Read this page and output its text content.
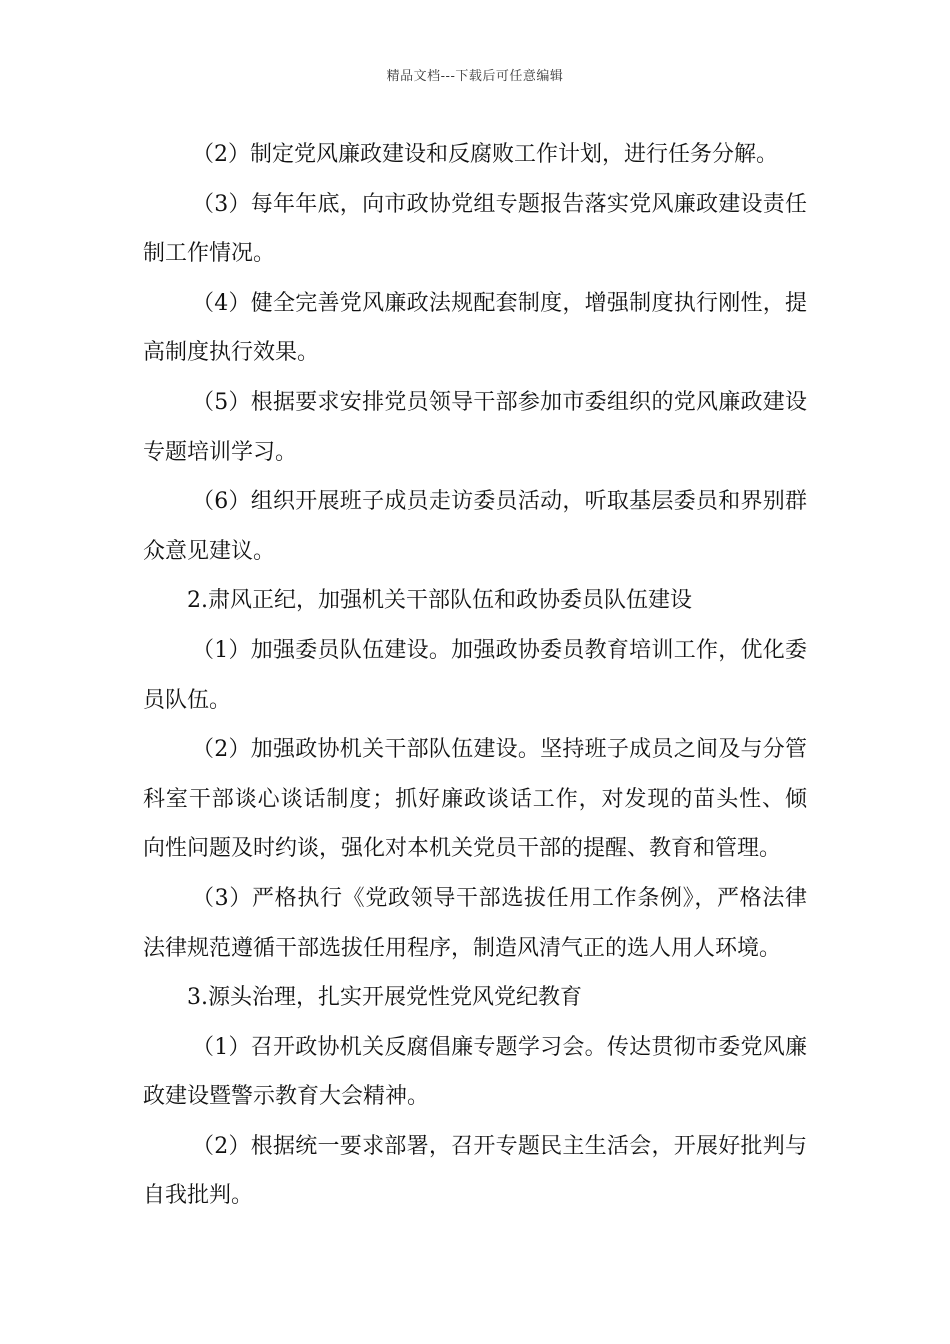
精品文档---下载后可任意编辑
（2）制定党风廉政建设和反腐败工作计划，进行任务分解。
（3）每年年底，向市政协党组专题报告落实党风廉政建设责任
制工作情况。
（4）健全完善党风廉政法规配套制度，增强制度执行刚性，提
高制度执行效果。
（5）根据要求安排党员领导干部参加市委组织的党风廉政建设
专题培训学习。
（6）组织开展班子成员走访委员活动，听取基层委员和界别群
众意见建议。
2.肃风正纪，加强机关干部队伍和政协委员队伍建设
（1）加强委员队伍建设。加强政协委员教育培训工作，优化委
员队伍。
（2）加强政协机关干部队伍建设。坚持班子成员之间及与分管
科室干部谈心谈话制度；抓好廉政谈话工作，对发现的苗头性、倾
向性问题及时约谈，强化对本机关党员干部的提醒、教育和管理。
（3）严格执行《党政领导干部选拔任用工作条例》，严格法律
法律规范遵循干部选拔任用程序，制造风清气正的选人用人环境。
3.源头治理，扎实开展党性党风党纪教育
（1）召开政协机关反腐倡廉专题学习会。传达贯彻市委党风廉
政建设暨警示教育大会精神。
（2）根据统一要求部署，召开专题民主生活会，开展好批判与
自我批判。
